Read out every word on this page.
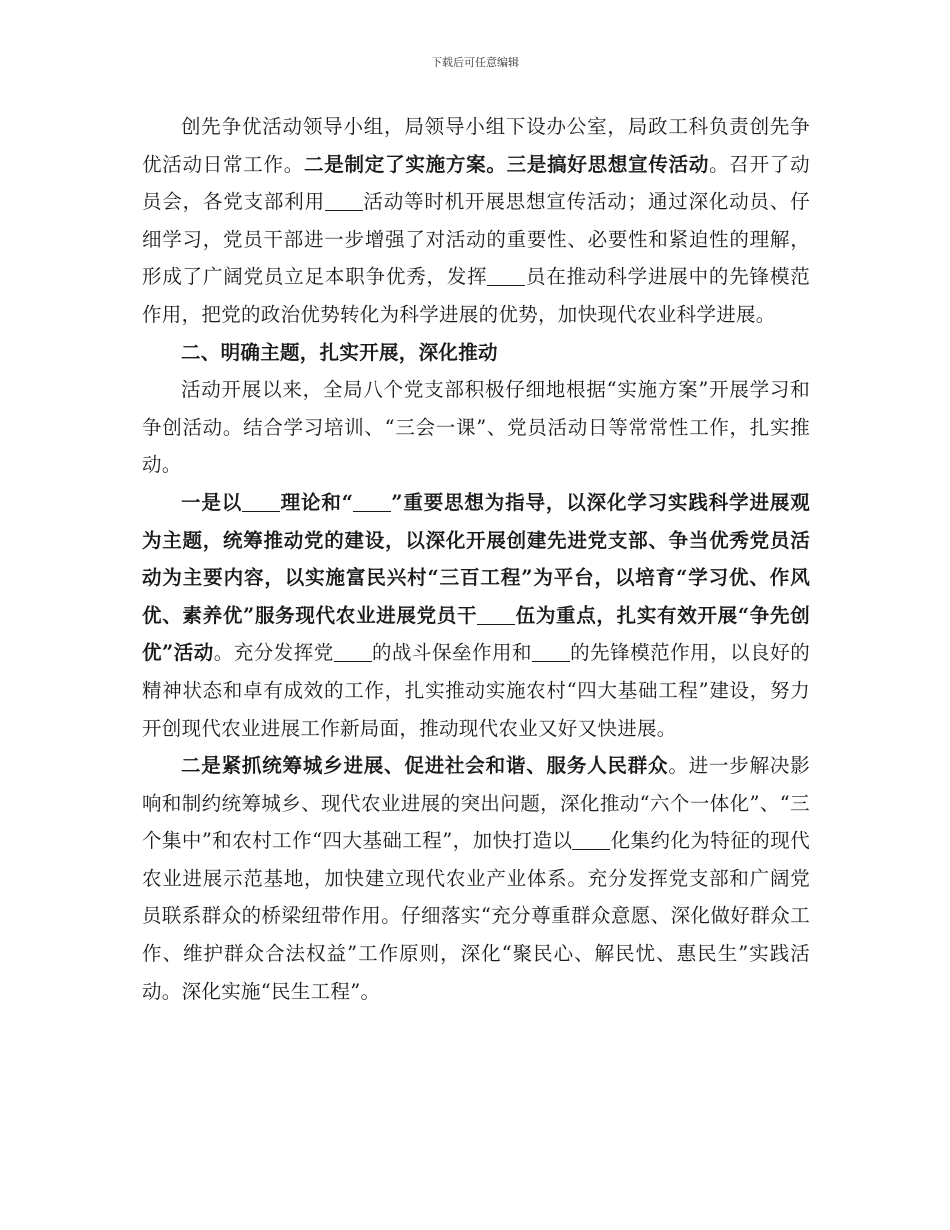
下载后可任意编辑

创先争优活动领导小组，局领导小组下设办公室，局政工科负责创先争优活动日常工作。二是制定了实施方案。三是搞好思想宣传活动。召开了动员会，各党支部利用 活动等时机开展思想宣传活动；通过深化动员、仔细学习，党员干部进一步增强了对活动的重要性、必要性和紧迫性的理解，形成了广阔党员立足本职争优秀，发挥 员在推动科学进展中的先锋模范作用，把党的政治优势转化为科学进展的优势，加快现代农业科学进展。

二、明确主题，扎实开展，深化推动

活动开展以来，全局八个党支部积极仔细地根据“实施方案”开展学习和争创活动。结合学习培训、“三会一课”、党员活动日等常常性工作，扎实推动。

一是以 理论和“ ”重要思想为指导，以深化学习实践科学进展观为主题，统筹推动党的建设，以深化开展创建先进党支部、争当优秀党员活动为主要内容，以实施富民兴村“三百工程”为平台，以培育“学习优、作风优、素养优”服务现代农业进展党员干 伍为重点，扎实有效开展“争先创优”活动。充分发挥党 的战斗保垒作用和 的先锋模范作用，以良好的精神状态和卓有成效的工作，扎实推动实施农村“四大基础工程”建设，努力开创现代农业进展工作新局面，推动现代农业又好又快进展。

二是紧抓统筹城乡进展、促进社会和谐、服务人民群众。进一步解决影响和制约统筹城乡、现代农业进展的突出问题，深化推动“六个一体化”、“三个集中”和农村工作“四大基础工程”，加快打造以 化集约化为特征的现代农业进展示范基地，加快建立现代农业产业体系。充分发挥党支部和广阔党员联系群众的桥梁纽带作用。仔细落实“充分尊重群众意愿、深化做好群众工作、维护群众合法权益”工作原则，深化“聚民心、解民忧、惠民生”实践活动。深化实施“民生工程”。
